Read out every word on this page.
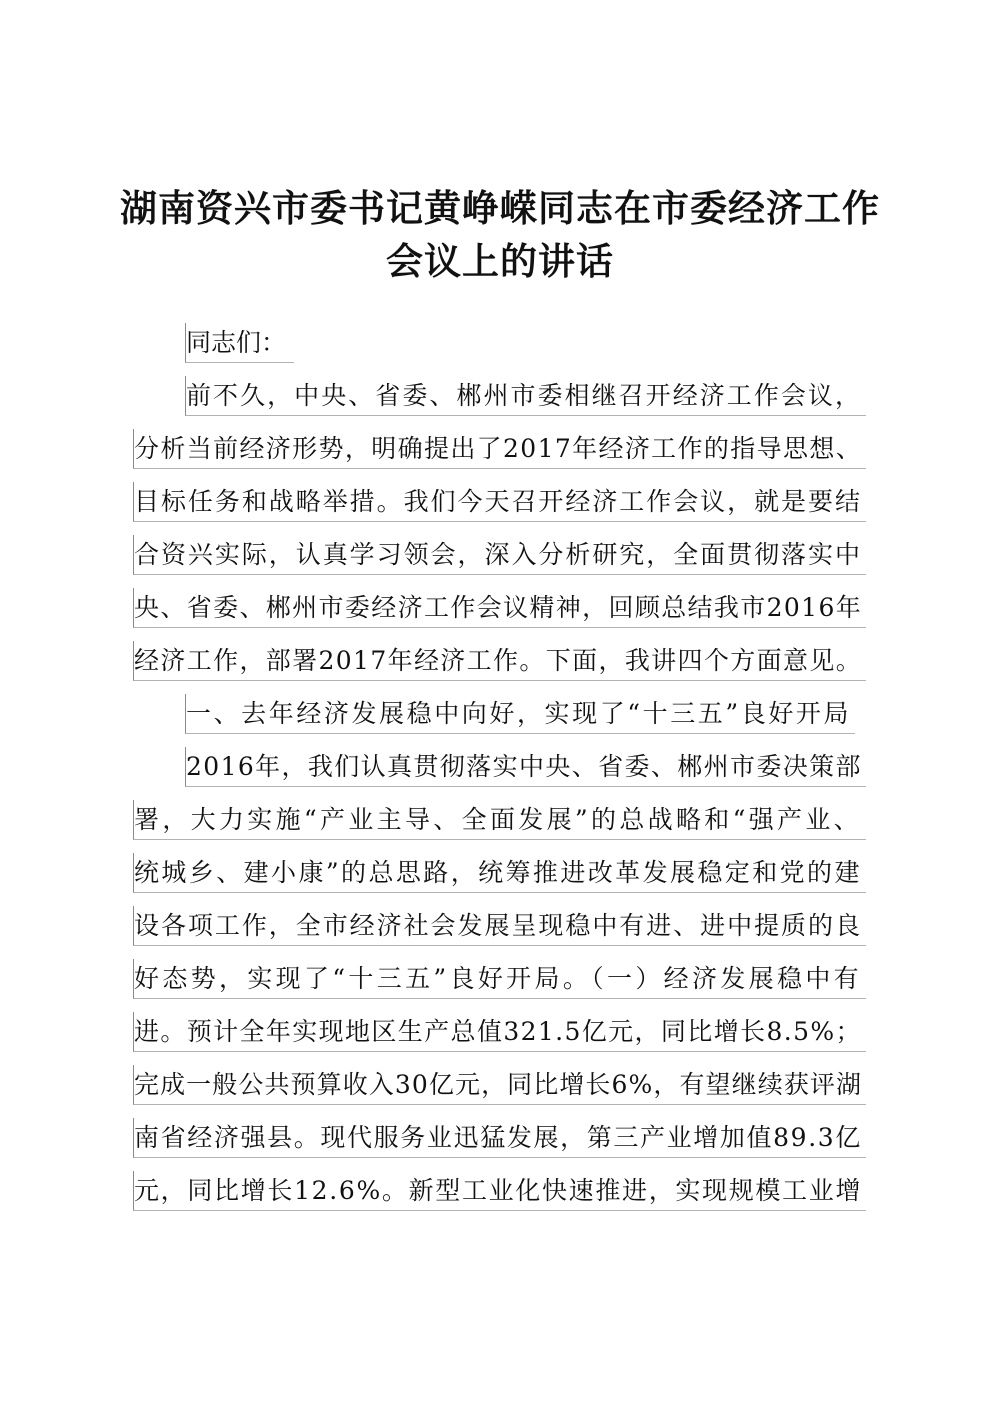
湖南资兴市委书记黄峥嵘同志在市委经济工作
会议上的讲话
同志们：
前不久，中央、省委、郴州市委相继召开经济工作会议，
分析当前经济形势，明确提出了2017年经济工作的指导思想、
目标任务和战略举措。我们今天召开经济工作会议，就是要结
合资兴实际，认真学习领会，深入分析研究，全面贯彻落实中
央、省委、郴州市委经济工作会议精神，回顾总结我市2016年
经济工作，部署2017年经济工作。下面，我讲四个方面意见。
一、去年经济发展稳中向好，实现了“十三五”良好开局
2016年，我们认真贯彻落实中央、省委、郴州市委决策部
署，大力实施“产业主导、全面发展”的总战略和“强产业、
统城乡、建小康”的总思路，统筹推进改革发展稳定和党的建
设各项工作，全市经济社会发展呈现稳中有进、进中提质的良
好态势，实现了“十三五”良好开局。（一）经济发展稳中有
进。预计全年实现地区生产总值321.5亿元，同比增长8.5%；
完成一般公共预算收入30亿元，同比增长6%，有望继续获评湖
南省经济强县。现代服务业迅猛发展，第三产业增加值89.3亿
元，同比增长12.6%。新型工业化快速推进，实现规模工业增
